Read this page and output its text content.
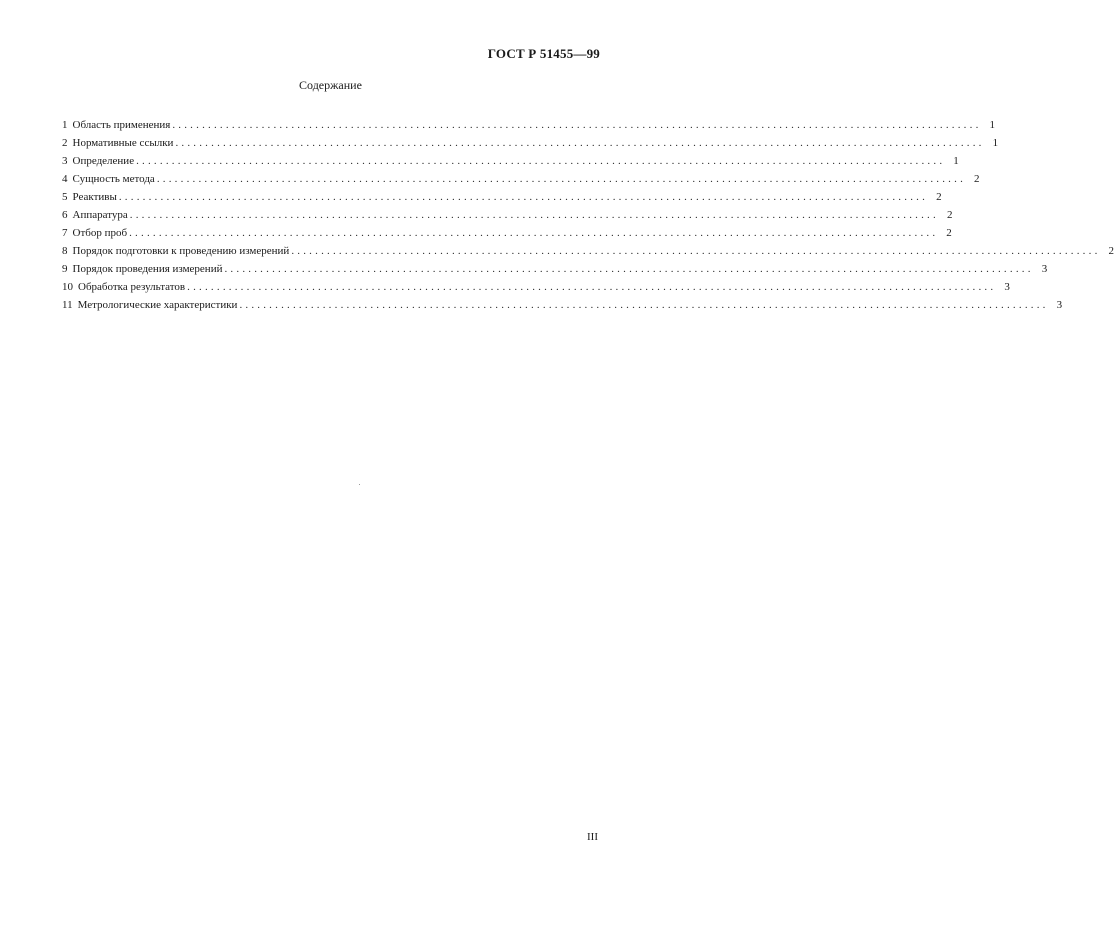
ГОСТ Р 51455—99
Содержание
1 Область применения ........................................................................................................................................ 1
2 Нормативные ссылки ........................................................................................................................................ 1
3 Определение ........................................................................................................................................ 1
4 Сущность метода ........................................................................................................................................ 2
5 Реактивы ........................................................................................................................................ 2
6 Аппаратура ........................................................................................................................................ 2
7 Отбор проб ........................................................................................................................................ 2
8 Порядок подготовки к проведению измерений ........................................................................................................................................ 2
9 Порядок проведения измерений ........................................................................................................................................ 3
10 Обработка результатов ........................................................................................................................................ 3
11 Метрологические характеристики ........................................................................................................................................ 3
III
